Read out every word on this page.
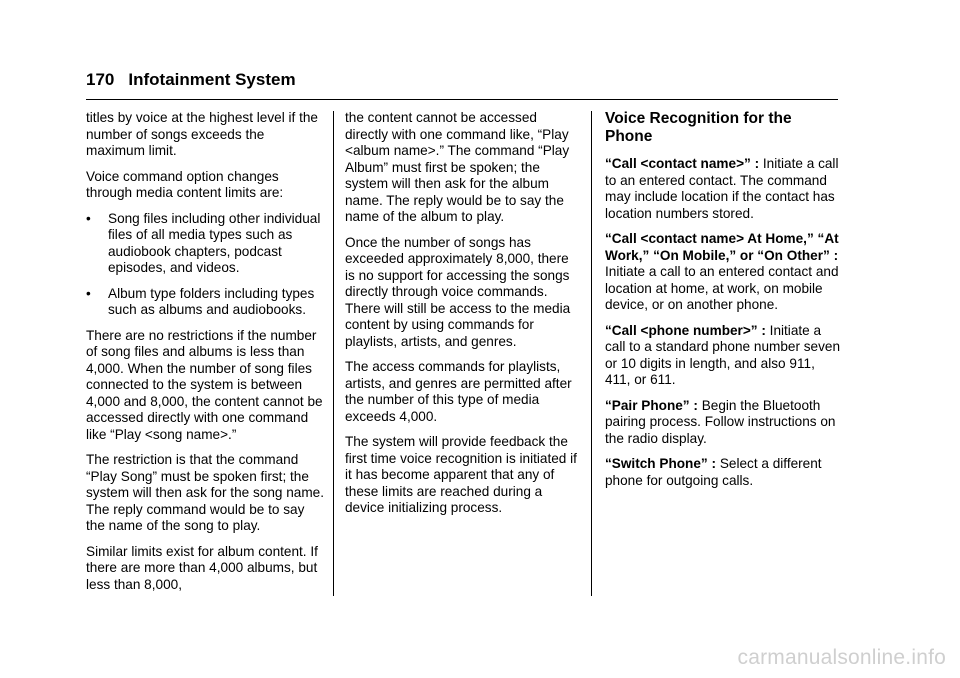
170 Infotainment System

titles by voice at the highest level if the number of songs exceeds the maximum limit.

Voice command option changes through media content limits are:

•	Song files including other individual files of all media types such as audiobook chapters, podcast episodes, and videos.
•	Album type folders including types such as albums and audiobooks.

There are no restrictions if the number of song files and albums is less than 4,000. When the number of song files connected to the system is between 4,000 and 8,000, the content cannot be accessed directly with one command like “Play <song name>.”

The restriction is that the command “Play Song” must be spoken first; the system will then ask for the song name. The reply command would be to say the name of the song to play.

Similar limits exist for album content. If there are more than 4,000 albums, but less than 8,000,

the content cannot be accessed directly with one command like, “Play <album name>.” The command “Play Album” must first be spoken; the system will then ask for the album name. The reply would be to say the name of the album to play.

Once the number of songs has exceeded approximately 8,000, there is no support for accessing the songs directly through voice commands. There will still be access to the media content by using commands for playlists, artists, and genres.

The access commands for playlists, artists, and genres are permitted after the number of this type of media exceeds 4,000.

The system will provide feedback the first time voice recognition is initiated if it has become apparent that any of these limits are reached during a device initializing process.

Voice Recognition for the Phone

“Call <contact name>” : Initiate a call to an entered contact. The command may include location if the contact has location numbers stored.

“Call <contact name> At Home,” “At Work,” “On Mobile,” or “On Other” : Initiate a call to an entered contact and location at home, at work, on mobile device, or on another phone.

“Call <phone number>” : Initiate a call to a standard phone number seven or 10 digits in length, and also 911, 411, or 611.

“Pair Phone” : Begin the Bluetooth pairing process. Follow instructions on the radio display.

“Switch Phone” : Select a different phone for outgoing calls.

carmanualsonline.info
